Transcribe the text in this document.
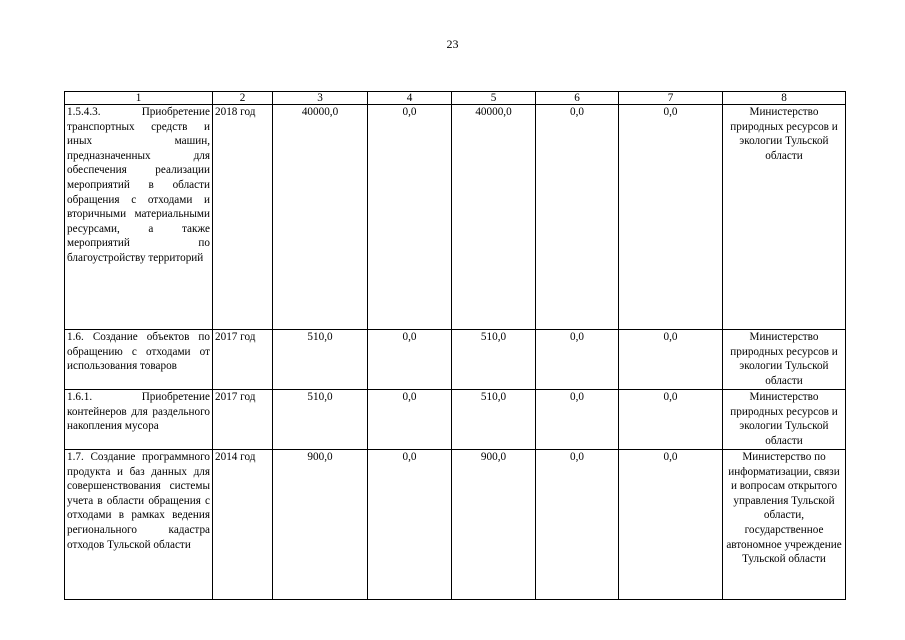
23
1	2	3	4	5	6	7	8
1.5.4.3. Приобретение транспортных средств и иных машин, предназначенных для обеспечения реализации мероприятий в области обращения с отходами и вторичными материальными ресурсами, а также мероприятий по благоустройству территорий	2018 год	40000,0	0,0	40000,0	0,0	0,0	Министерство природных ресурсов и экологии Тульской области
1.6. Создание объектов по обращению с отходами от использования товаров	2017 год	510,0	0,0	510,0	0,0	0,0	Министерство природных ресурсов и экологии Тульской области
1.6.1. Приобретение контейнеров для раздельного накопления мусора	2017 год	510,0	0,0	510,0	0,0	0,0	Министерство природных ресурсов и экологии Тульской области
1.7. Создание программного продукта и баз данных для совершенствования системы учета в области обращения с отходами в рамках ведения регионального кадастра отходов Тульской области	2014 год	900,0	0,0	900,0	0,0	0,0	Министерство по информатизации, связи и вопросам открытого управления Тульской области, государственное автономное учреждение Тульской области
